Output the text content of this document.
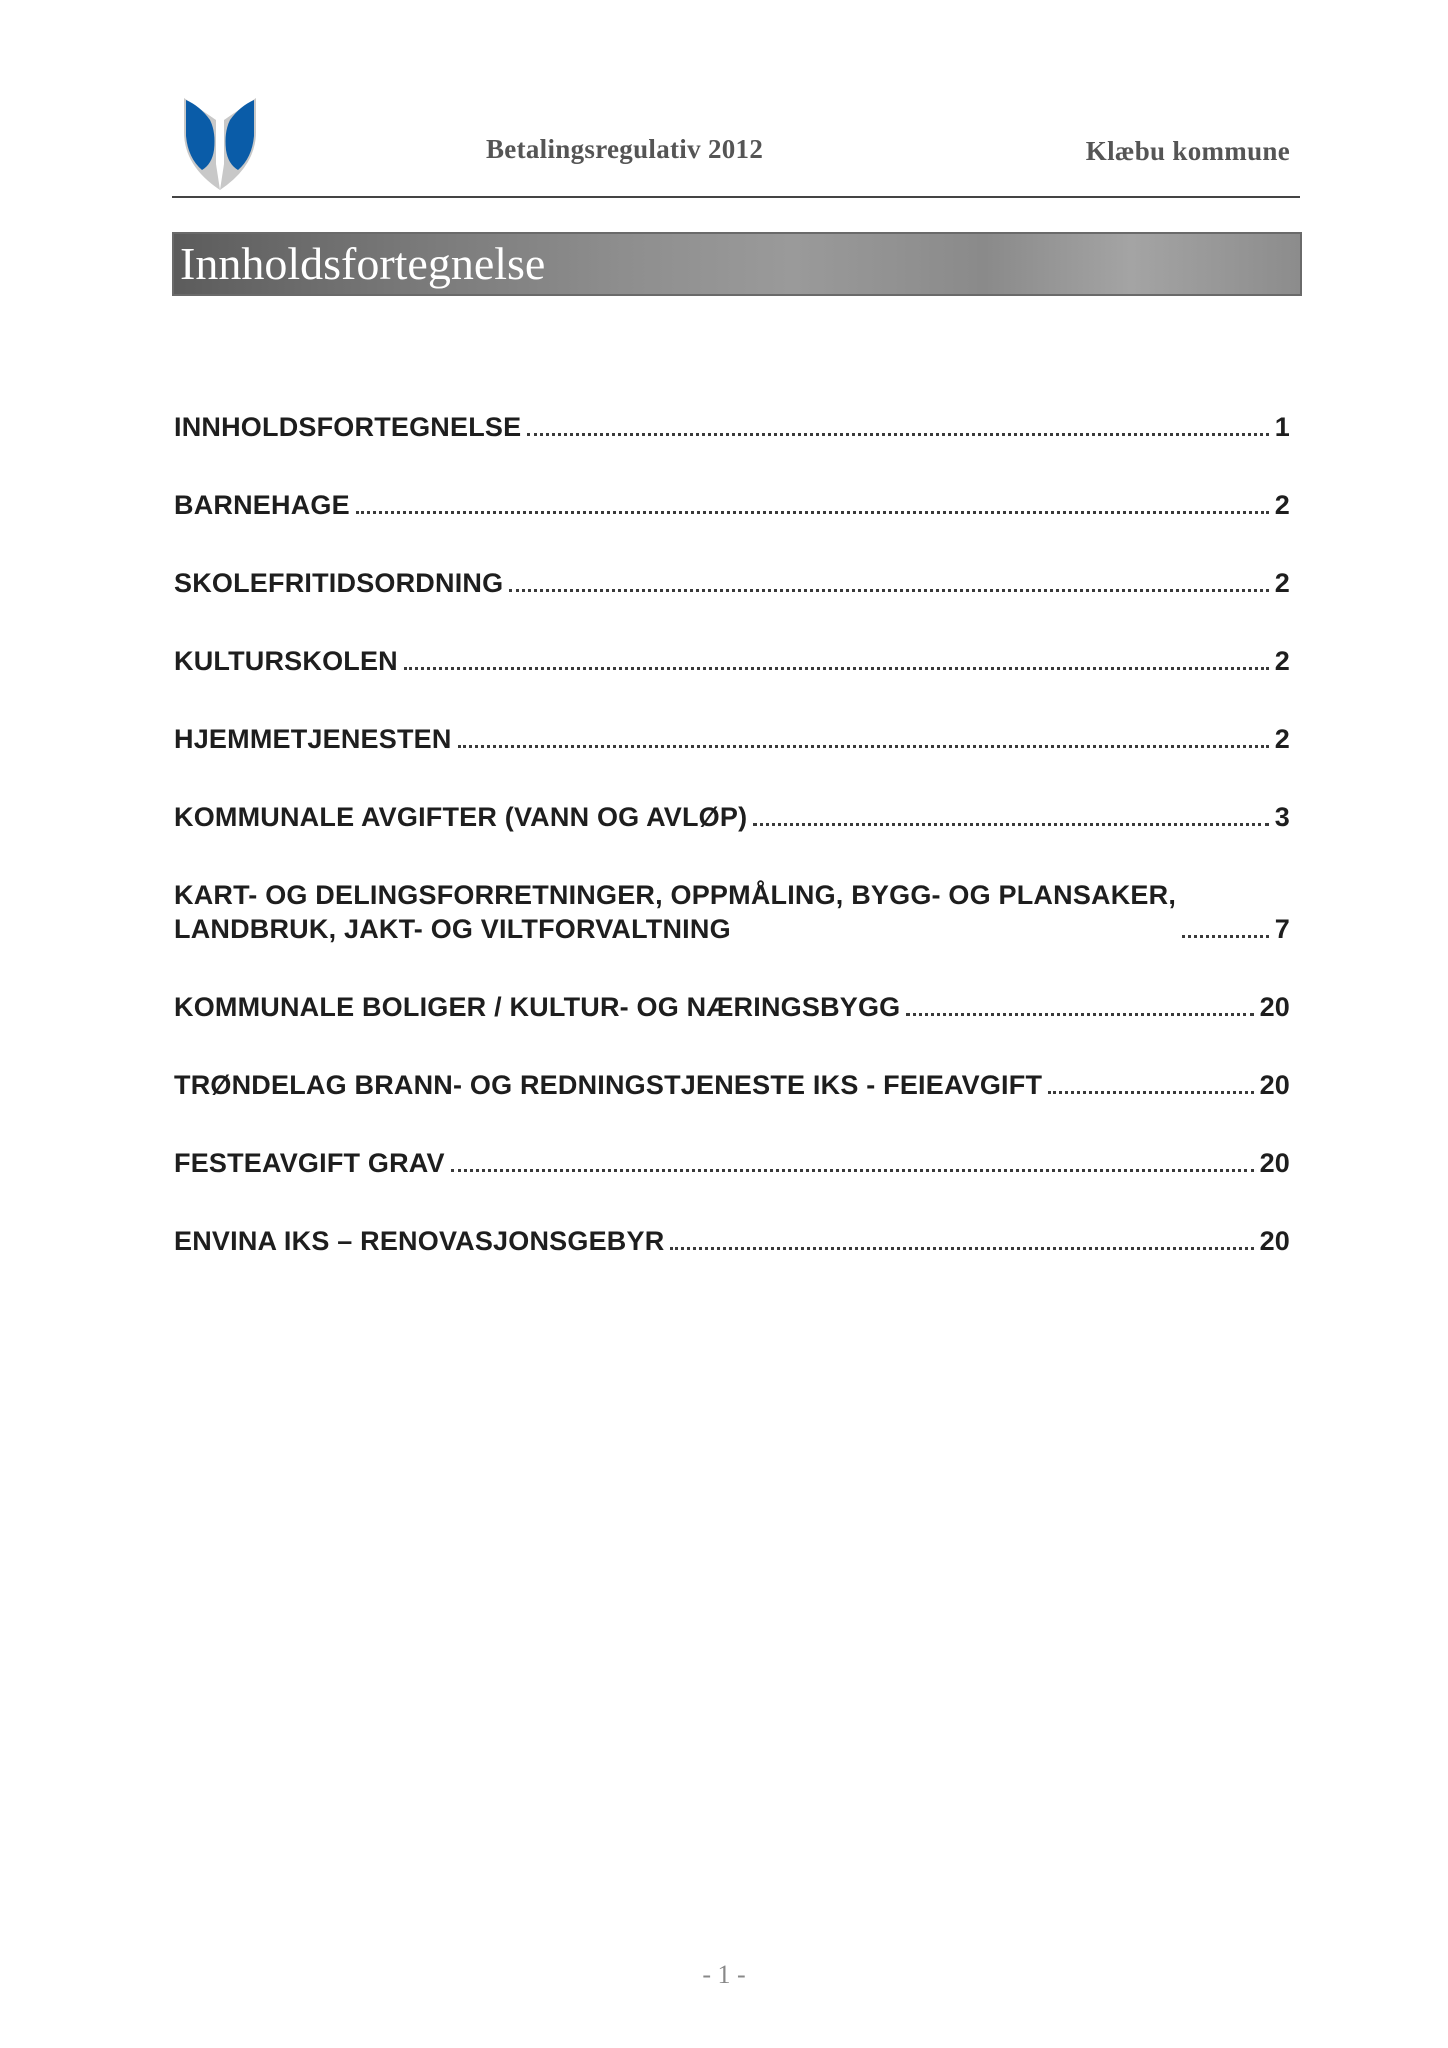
Betalingsregulativ 2012	Klæbu kommune
Innholdsfortegnelse
INNHOLDSFORTEGNELSE	1
BARNEHAGE	2
SKOLEFRITIDSORDNING	2
KULTURSKOLEN	2
HJEMMETJENESTEN	2
KOMMUNALE AVGIFTER (VANN OG AVLØP)	3
KART- OG DELINGSFORRETNINGER, OPPMÅLING, BYGG- OG PLANSAKER,
LANDBRUK, JAKT- OG VILTFORVALTNING	7
KOMMUNALE BOLIGER / KULTUR- OG NÆRINGSBYGG	20
TRØNDELAG BRANN- OG REDNINGSTJENESTE IKS - FEIEAVGIFT	20
FESTEAVGIFT GRAV	20
ENVINA IKS – RENOVASJONSGEBYR	20
- 1 -
